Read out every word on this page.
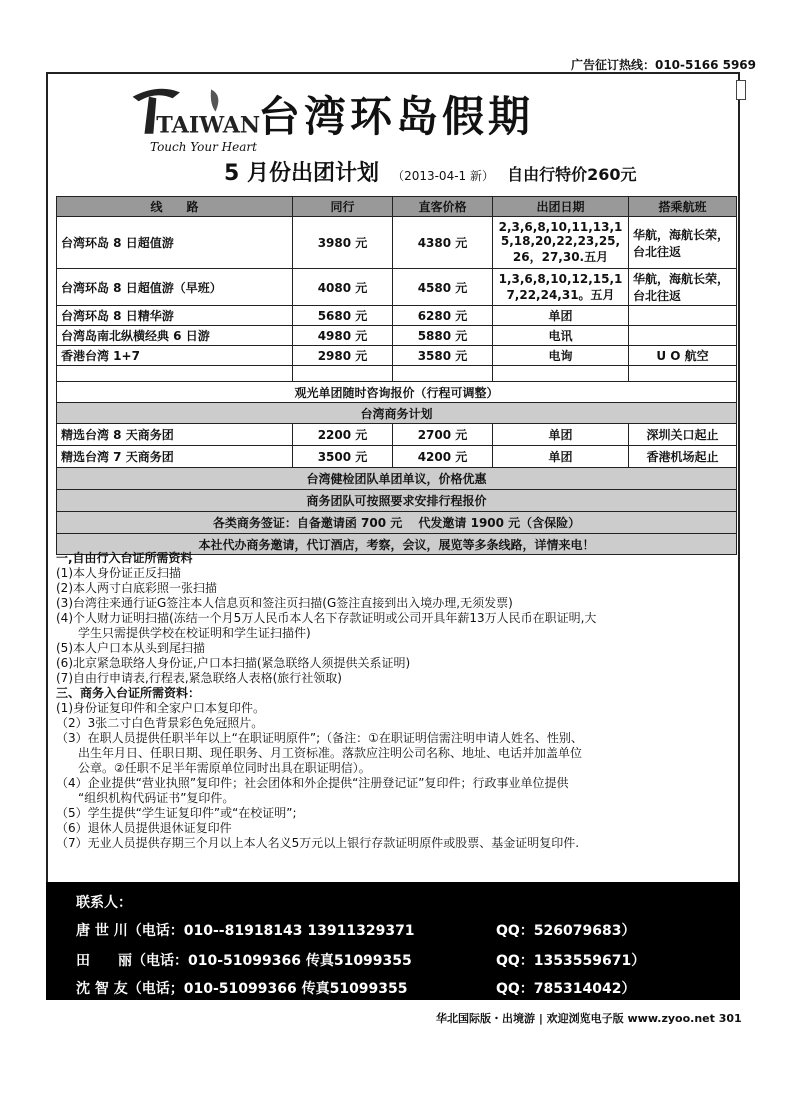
广告征订热线：010-5166 5969
TAIWAN
Touch Your Heart
台湾环岛假期
5 月份出团计划 （2013-04-1 新） 自由行特价260元
线　　路	同行	直客价格	出团日期	搭乘航班
台湾环岛 8 日超值游	3980 元	4380 元	2,3,6,8,10,11,13,15,18,20,22,23,25,26，27,30.五月	华航，海航长荣，台北往返
台湾环岛 8 日超值游（早班）	4080 元	4580 元	1,3,6,8,10,12,15,17,22,24,31。五月	华航，海航长荣，台北往返
台湾环岛 8 日精华游	5680 元	6280 元	单团	
台湾岛南北纵横经典 6 日游	4980 元	5880 元	电讯	
香港台湾 1+7	2980 元	3580 元	电询	U O 航空

观光单团随时咨询报价（行程可调整）				
台湾商务计划				
精选台湾 8 天商务团	2200 元	2700 元	单团	深圳关口起止
精选台湾 7 天商务团	3500 元	4200 元	单团	香港机场起止
台湾健检团队单团单议，价格优惠				
商务团队可按照要求安排行程报价				
各类商务签证：自备邀请函 700 元　 代发邀请 1900 元（含保险）				
本社代办商务邀请，代订酒店，考察，会议，展览等多条线路，详情来电！				
一,自由行入台证所需资料
(1)本人身份证正反扫描
(2)本人两寸白底彩照一张扫描
(3)台湾往来通行证G签注本人信息页和签注页扫描(G签注直接到出入境办理,无须发票)
(4)个人财力证明扫描(冻结一个月5万人民币本人名下存款证明或公司开具年薪13万人民币在职证明,大
学生只需提供学校在校证明和学生证扫描件)
(5)本人户口本从头到尾扫描
(6)北京紧急联络人身份证,户口本扫描(紧急联络人须提供关系证明)
(7)自由行申请表,行程表,紧急联络人表格(旅行社领取)
三、商务入台证所需资料：
(1)身份证复印件和全家户口本复印件。
（2）3张二寸白色背景彩色免冠照片。
（3）在职人员提供任职半年以上“在职证明原件”;（备注：①在职证明信需注明申请人姓名、性别、
出生年月日、任职日期、现任职务、月工资标准。落款应注明公司名称、地址、电话并加盖单位
公章。②任职不足半年需原单位同时出具在职证明信）。
（4）企业提供“营业执照”复印件；社会团体和外企提供“注册登记证”复印件；行政事业单位提供
“组织机构代码证书”复印件。
（5）学生提供“学生证复印件”或“在校证明”;
（6）退休人员提供退休证复印件
（7）无业人员提供存期三个月以上本人名义5万元以上银行存款证明原件或股票、基金证明复印件.
联系人：
唐 世 川（电话：010--81918143 13911329371	QQ：526079683）
田　　丽（电话：010-51099366 传真51099355	QQ：1353559671）
沈 智 友（电话；010-51099366 传真51099355	QQ：785314042）
华北国际版・出境游 | 欢迎浏览电子版 www.zyoo.net 301
